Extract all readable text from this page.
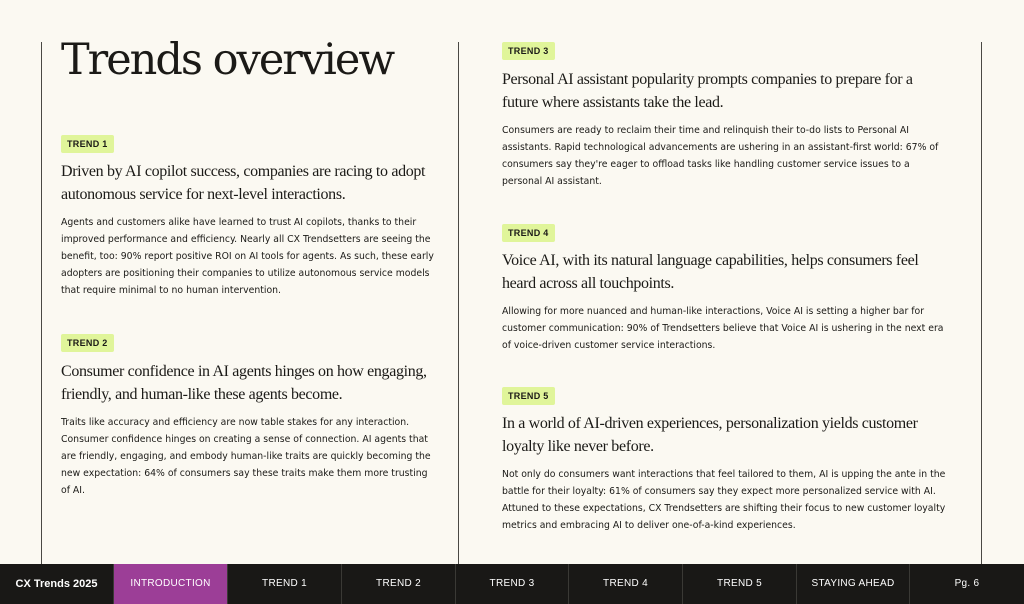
Trends overview
TREND 1

Driven by AI copilot success, companies are racing to adopt autonomous service for next-level interactions.

Agents and customers alike have learned to trust AI copilots, thanks to their improved performance and efficiency. Nearly all CX Trendsetters are seeing the benefit, too: 90% report positive ROI on AI tools for agents. As such, these early adopters are positioning their companies to utilize autonomous service models that require minimal to no human intervention.

TREND 2

Consumer confidence in AI agents hinges on how engaging, friendly, and human-like these agents become.

Traits like accuracy and efficiency are now table stakes for any interaction. Consumer confidence hinges on creating a sense of connection. AI agents that are friendly, engaging, and embody human-like traits are quickly becoming the new expectation: 64% of consumers say these traits make them more trusting of AI.

TREND 3

Personal AI assistant popularity prompts companies to prepare for a future where assistants take the lead.

Consumers are ready to reclaim their time and relinquish their to-do lists to Personal AI assistants. Rapid technological advancements are ushering in an assistant-first world: 67% of consumers say they're eager to offload tasks like handling customer service issues to a personal AI assistant.

TREND 4

Voice AI, with its natural language capabilities, helps consumers feel heard across all touchpoints.

Allowing for more nuanced and human-like interactions, Voice AI is setting a higher bar for customer communication: 90% of Trendsetters believe that Voice AI is ushering in the next era of voice-driven customer service interactions.

TREND 5

In a world of AI-driven experiences, personalization yields customer loyalty like never before.

Not only do consumers want interactions that feel tailored to them, AI is upping the ante in the battle for their loyalty: 61% of consumers say they expect more personalized service with AI. Attuned to these expectations, CX Trendsetters are shifting their focus to new customer loyalty metrics and embracing AI to deliver one-of-a-kind experiences.

CX Trends 2025	INTRODUCTION	TREND 1	TREND 2	TREND 3	TREND 4	TREND 5	STAYING AHEAD	Pg. 6
